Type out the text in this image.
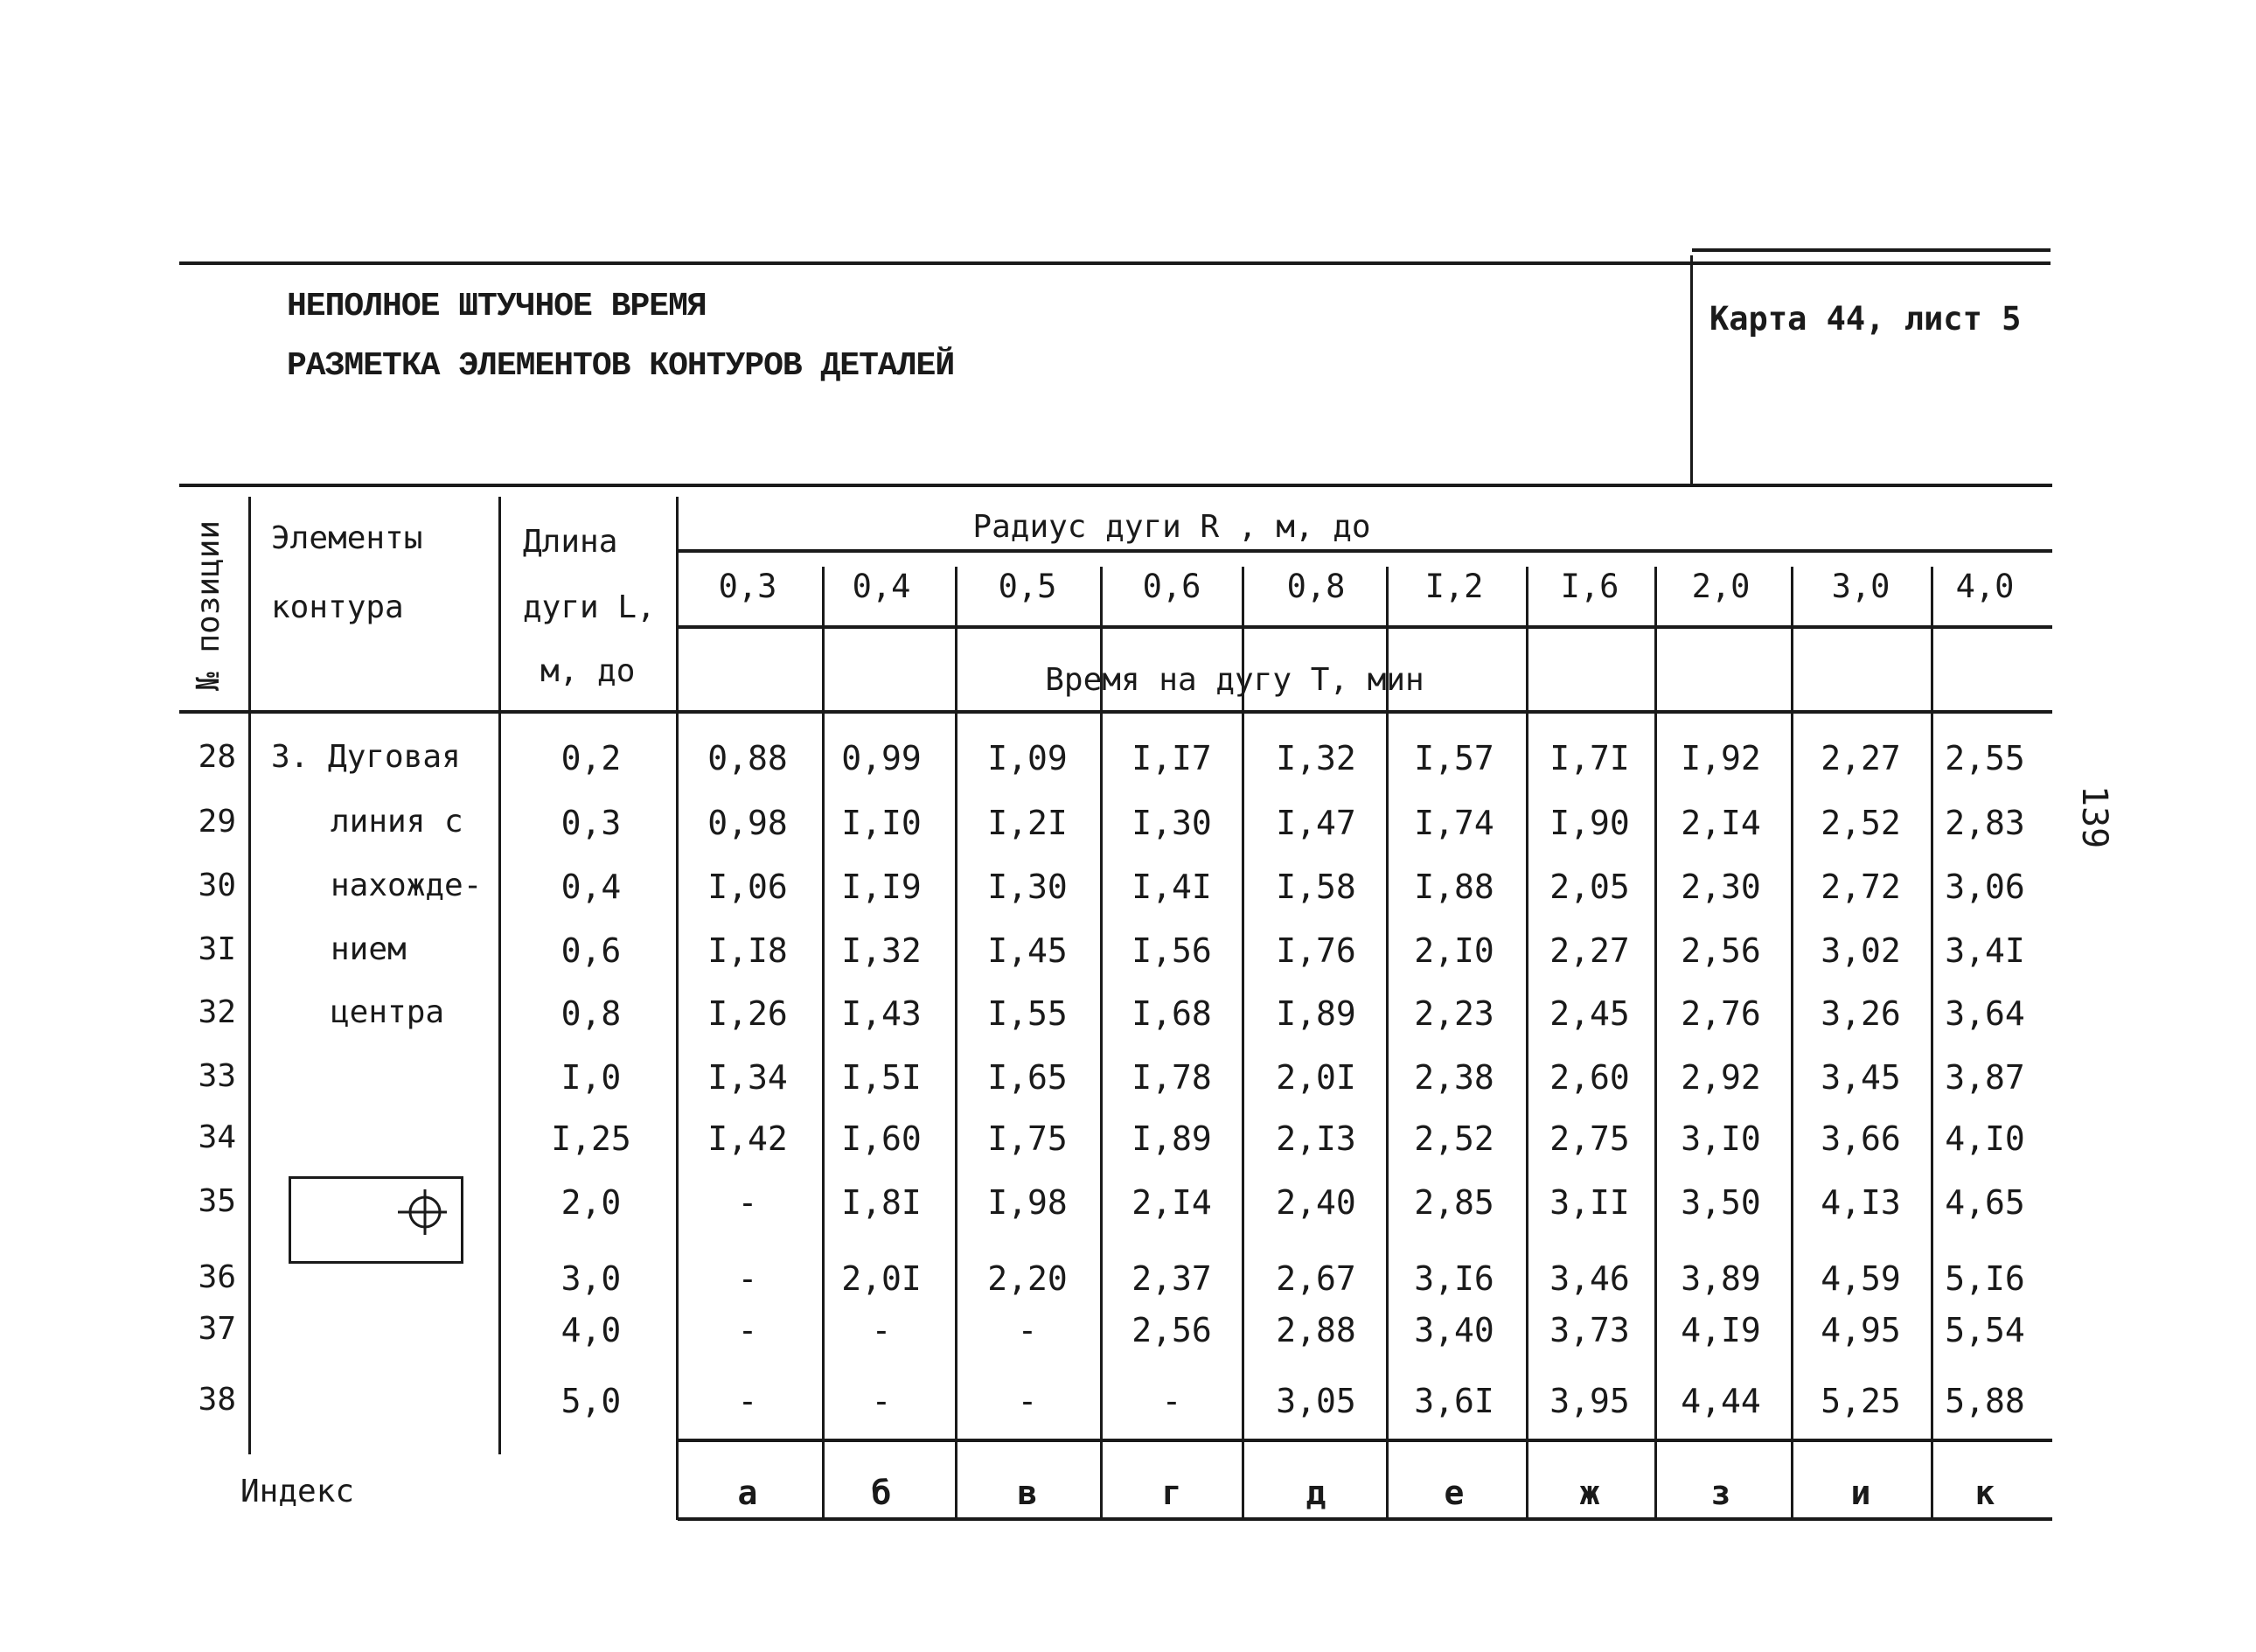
НЕПОЛНОЕ ШТУЧНОЕ ВРЕМЯ
РАЗМЕТКА ЭЛЕМЕНТОВ КОНТУРОВ ДЕТАЛЕЙ
Карта 44, лист 5
№ позиции Элементы
контура
Длина
дуги L,
м, до
Радиус дуги R , м, до
Время на дугу Т, мин
0,3 0,4	0,5	0,6	0,8 I,2 I,6 2,0	3,0 4,0
3. Дуговая
линия с
нахожде-
нием
центра
28	0,2	0,88 0,99 I,09 I,I7 I,32 I,57 I,7I I,92 2,27 2,55
29	0,3	0,98 I,I0 I,2I I,30 I,47 I,74 I,90 2,I4 2,52 2,83
30	0,4	I,06 I,I9 I,30 I,4I I,58 I,88 2,05 2,30 2,72 3,06
3I	0,6	I,I8 I,32 I,45 I,56 I,76 2,I0 2,27 2,56 3,02 3,4I
32	0,8	I,26 I,43 I,55 I,68 I,89 2,23 2,45 2,76 3,26 3,64
33	I,0	I,34 I,5I I,65 I,78 2,0I 2,38 2,60 2,92 3,45 3,87
34	I,25 I,42 I,60 I,75 I,89 2,I3 2,52 2,75 3,I0 3,66 4,I0
35	2,0	-	I,8I I,98 2,I4 2,40 2,85 3,II 3,50 4,I3 4,65
36	3,0	-	2,0I 2,20 2,37 2,67 3,I6 3,46 3,89 4,59 5,I6
37	4,0	-	-	-	2,56 2,88 3,40 3,73 4,I9 4,95 5,54
38	5,0	-	-	-	-	3,05 3,6I 3,95 4,44 5,25 5,88
Индекс	а	б	в	г	д	е	ж	з	и	к
139
